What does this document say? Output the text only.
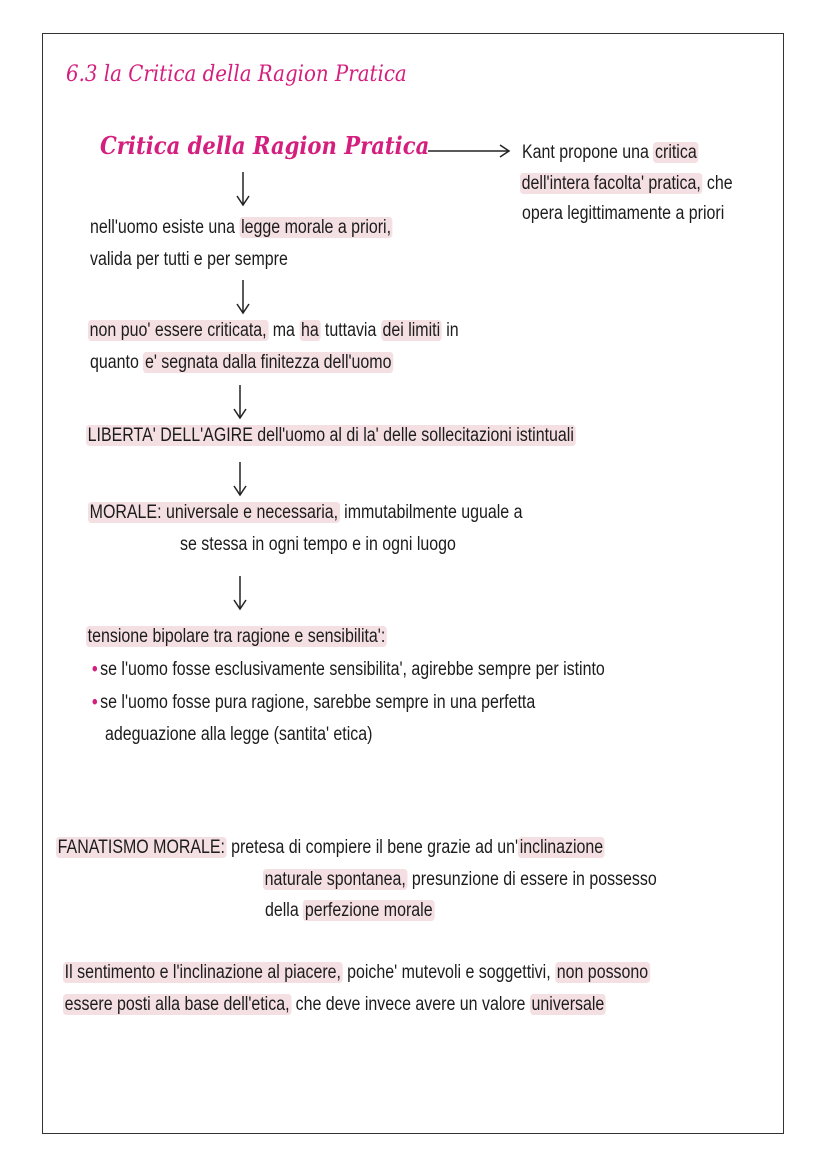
6.3 la Critica della Ragion Pratica
Critica della Ragion Pratica	Kant propone una critica
dell'intera facolta' pratica, che
opera legittimamente a priori
nell'uomo esiste una legge morale a priori,
valida per tutti e per sempre
non puo' essere criticata, ma ha tuttavia dei limiti in
quanto e' segnata dalla finitezza dell'uomo
LIBERTA' DELL'AGIRE dell'uomo al di la' delle sollecitazioni istintuali
MORALE: universale e necessaria, immutabilmente uguale a
se stessa in ogni tempo e in ogni luogo
tensione bipolare tra ragione e sensibilita':
• se l'uomo fosse esclusivamente sensibilita', agirebbe sempre per istinto
• se l'uomo fosse pura ragione, sarebbe sempre in una perfetta
adeguazione alla legge (santita' etica)
FANATISMO MORALE: pretesa di compiere il bene grazie ad un'inclinazione
naturale spontanea, presunzione di essere in possesso
della perfezione morale
Il sentimento e l'inclinazione al piacere, poiche' mutevoli e soggettivi, non possono
essere posti alla base dell'etica, che deve invece avere un valore universale
